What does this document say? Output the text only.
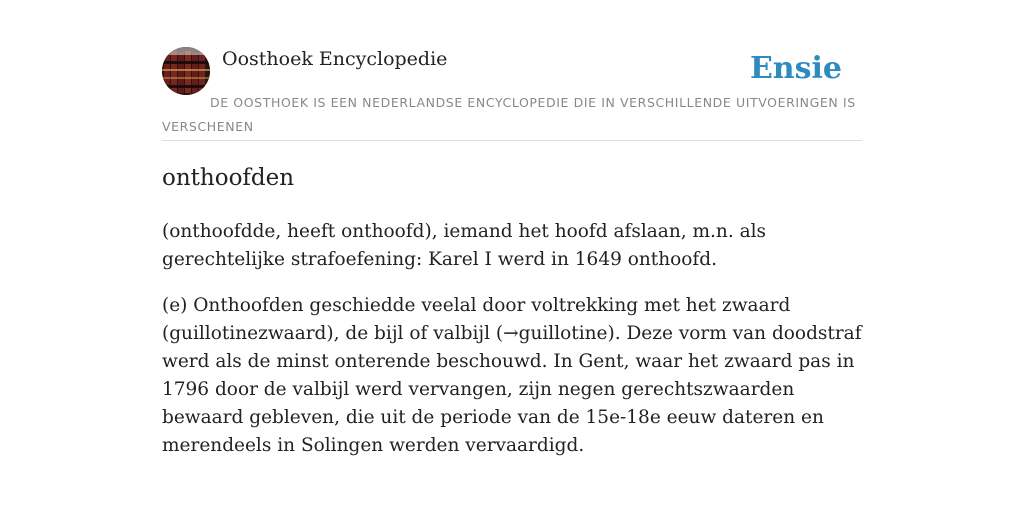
Oosthoek Encyclopedie	Ensie
DE OOSTHOEK IS EEN NEDERLANDSE ENCYCLOPEDIE DIE IN VERSCHILLENDE UITVOERINGEN IS VERSCHENEN
onthoofden

(onthoofdde, heeft onthoofd), iemand het hoofd afslaan, m.n. als gerechtelijke strafoefening: Karel I werd in 1649 onthoofd.

(e) Onthoofden geschiedde veelal door voltrekking met het zwaard (guillotinezwaard), de bijl of valbijl (→guillotine). Deze vorm van doodstraf werd als de minst onterende beschouwd. In Gent, waar het zwaard pas in 1796 door de valbijl werd vervangen, zijn negen gerechtszwaarden bewaard gebleven, die uit de periode van de 15e-18e eeuw dateren en merendeels in Solingen werden vervaardigd.
